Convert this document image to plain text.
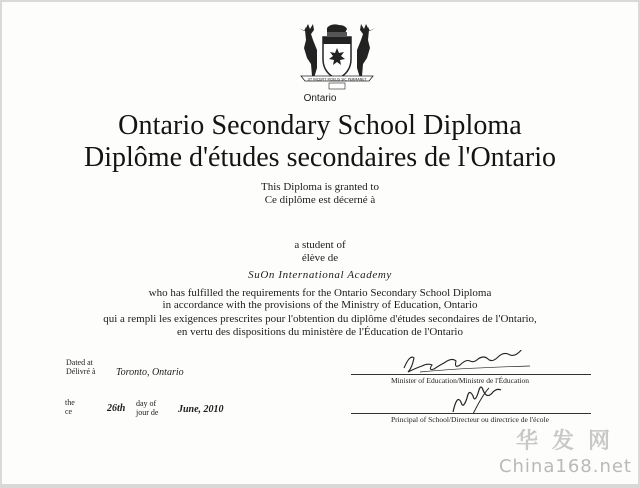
UT INCEPIT FIDELIS SIC PERMANET
Ontario
Ontario Secondary School Diploma
Diplôme d'études secondaires de l'Ontario
This Diploma is granted to
Ce diplôme est décerné à
a student of
élève de
SuOn International Academy
who has fulfilled the requirements for the Ontario Secondary School Diploma
in accordance with the provisions of the Ministry of Education, Ontario
qui a rempli les exigences prescrites pour l'obtention du diplôme d'études secondaires de l'Ontario,
en vertu des dispositions du ministère de l'Éducation de l'Ontario
Dated at
Délivré à Toronto, Ontario
the
ce	26th day of
jour de June, 2010
Minister of Education/Ministre de l'Éducation
Principal of School/Directeur ou directrice de l'école
华发网
China168.net
